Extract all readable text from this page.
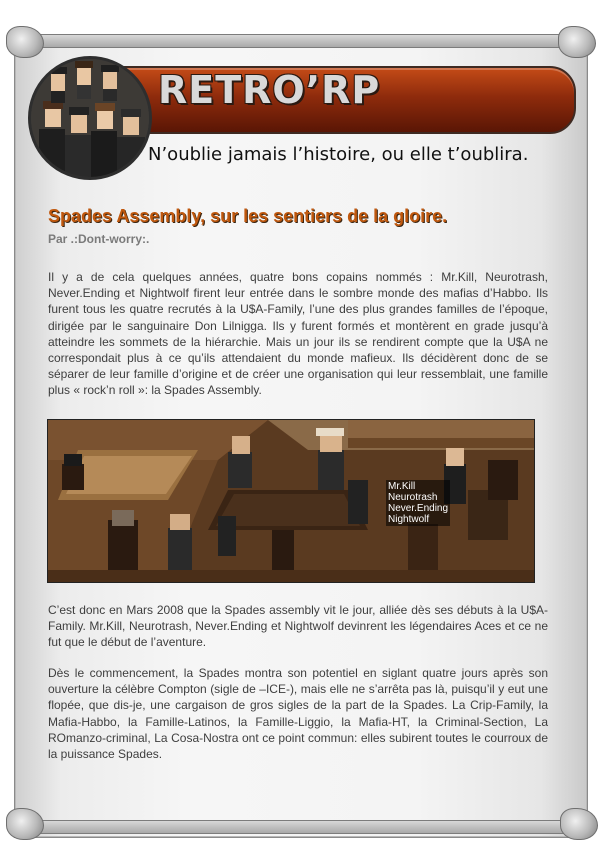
RETRO’RP
N’oublie jamais l’histoire, ou elle t’oublira.
Spades Assembly, sur les sentiers de la gloire.
Par .:Dont-worry:.
Il y a de cela quelques années, quatre bons copains nommés : Mr.Kill, Neurotrash, Never.Ending et Nightwolf firent leur entrée dans le sombre monde des mafias d’Habbo. Ils furent tous les quatre recrutés à la U$A-Family, l’une des plus grandes familles de l’époque, dirigée par le sanguinaire Don Lilnigga. Ils y furent formés et montèrent en grade jusqu’à atteindre les sommets de la hiérarchie. Mais un jour ils se rendirent compte que la U$A ne correspondait plus à ce qu’ils attendaient du monde mafieux. Ils décidèrent donc de se séparer de leur famille d’origine et de créer une organisation qui leur ressemblait, une famille plus « rock’n roll »: la Spades Assembly.
Mr.Kill
Neurotrash
Never.Ending
Nightwolf
C’est donc en Mars 2008 que la Spades assembly vit le jour, alliée dès ses débuts à la U$A-Family. Mr.Kill, Neurotrash, Never.Ending et Nightwolf devinrent les légendaires Aces et ce ne fut que le début de l’aventure.
Dès le commencement, la Spades montra son potentiel en siglant quatre jours après son ouverture la célèbre Compton (sigle de –ICE-), mais elle ne s’arrêta pas là, puisqu’il y eut une flopée, que dis-je, une cargaison de gros sigles de la part de la Spades. La Crip-Family, la Mafia-Habbo, la Famille-Latinos, la Famille-Liggio, la Mafia-HT, la Criminal-Section, La ROmanzo-criminal, La Cosa-Nostra ont ce point commun: elles subirent toutes le courroux de la puissance Spades.
